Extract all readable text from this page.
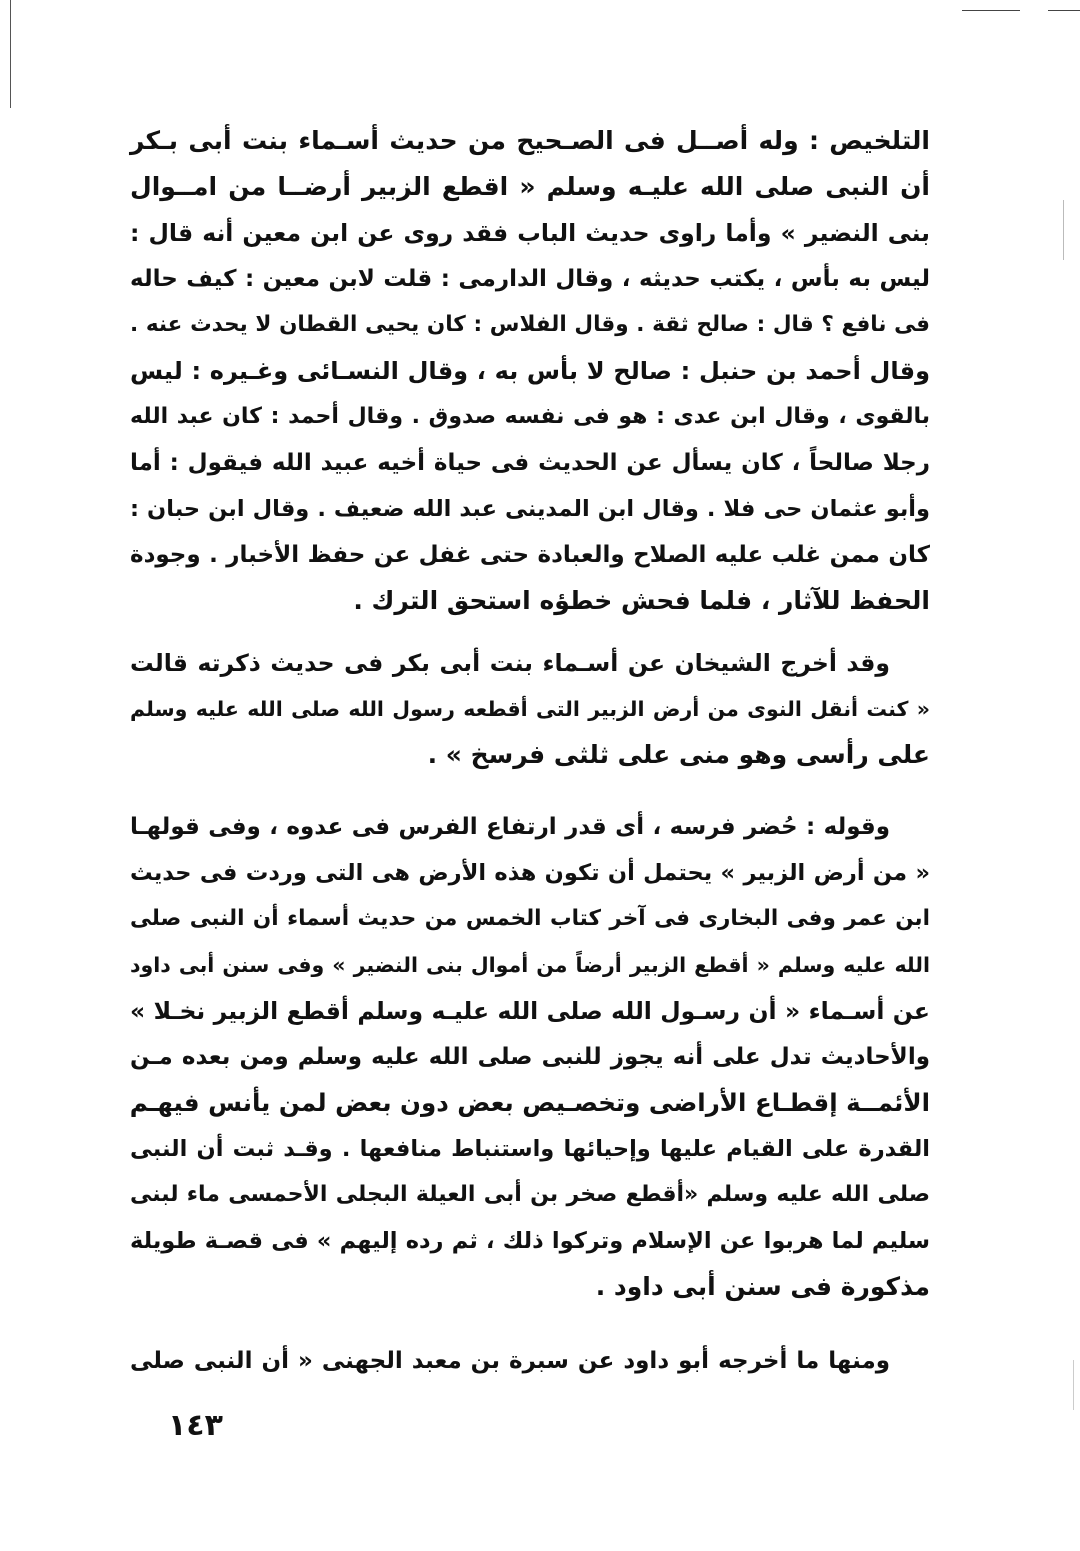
التلخيص : وله أصــل فى الصـحيح من حديث أسـماء بنت أبى بـكر
أن النبى صلى الله عليـه وسلم « اقطع الزبير أرضــا من امــوال
بنى النضير » وأما راوى حديث الباب فقد روى عن ابن معين أنه قال :
ليس به بأس ، يكتب حديثه ، وقال الدارمى : قلت لابن معين : كيف حاله
فى نافع ؟ قال : صالح ثقة . وقال الفلاس : كان يحيى القطان لا يحدث عنه .
وقال أحمد بن حنبل : صالح لا بأس به ، وقال النسـائى وغـيره : ليس
بالقوى ، وقال ابن عدى : هو فى نفسه صدوق . وقال أحمد : كان عبد الله
رجلا صالحاً ، كان يسأل عن الحديث فى حياة أخيه عبيد الله فيقول : أما
وأبو عثمان حى فلا . وقال ابن المدينى عبد الله ضعيف . وقال ابن حبان :
كان ممن غلب عليه الصلاح والعبادة حتى غفل عن حفظ الأخبار . وجودة
الحفظ للآثار ، فلما فحش خطؤه استحق الترك .
وقد أخرج الشيخان عن أسـماء بنت أبى بكر فى حديث ذكرته قالت
« كنت أنقل النوى من أرض الزبير التى أقطعه رسول الله صلى الله عليه وسلم
على رأسى وهو منى على ثلثى فرسخ » .
وقوله : حُضر فرسه ، أى قدر ارتفاع الفرس فى عدوه ، وفى قولهـا
« من أرض الزبير » يحتمل أن تكون هذه الأرض هى التى وردت فى حديث
ابن عمر وفى البخارى فى آخر كتاب الخمس من حديث أسماء أن النبى صلى
الله عليه وسلم « أقطع الزبير أرضاً من أموال بنى النضير » وفى سنن أبى داود
عن أسـماء « أن رسـول الله صلى الله عليـه وسلم أقطع الزبير نخـلا »
والأحاديث تدل على أنه يجوز للنبى صلى الله عليه وسلم ومن بعده مـن
الأئمــة إقطـاع الأراضى وتخصـيص بعض دون بعض لمن يأنس فيهـم
القدرة على القيام عليها وإحيائها واستنباط منافعها . وقـد ثبت أن النبى
صلى الله عليه وسلم «أقطع صخر بن أبى العيلة البجلى الأحمسى ماء لبنى
سليم لما هربوا عن الإسلام وتركوا ذلك ، ثم رده إليهم » فى قصـة طويلة
مذكورة فى سنن أبى داود .
ومنها ما أخرجه أبو داود عن سبرة بن معبد الجهنى « أن النبى صلى
١٤٣
